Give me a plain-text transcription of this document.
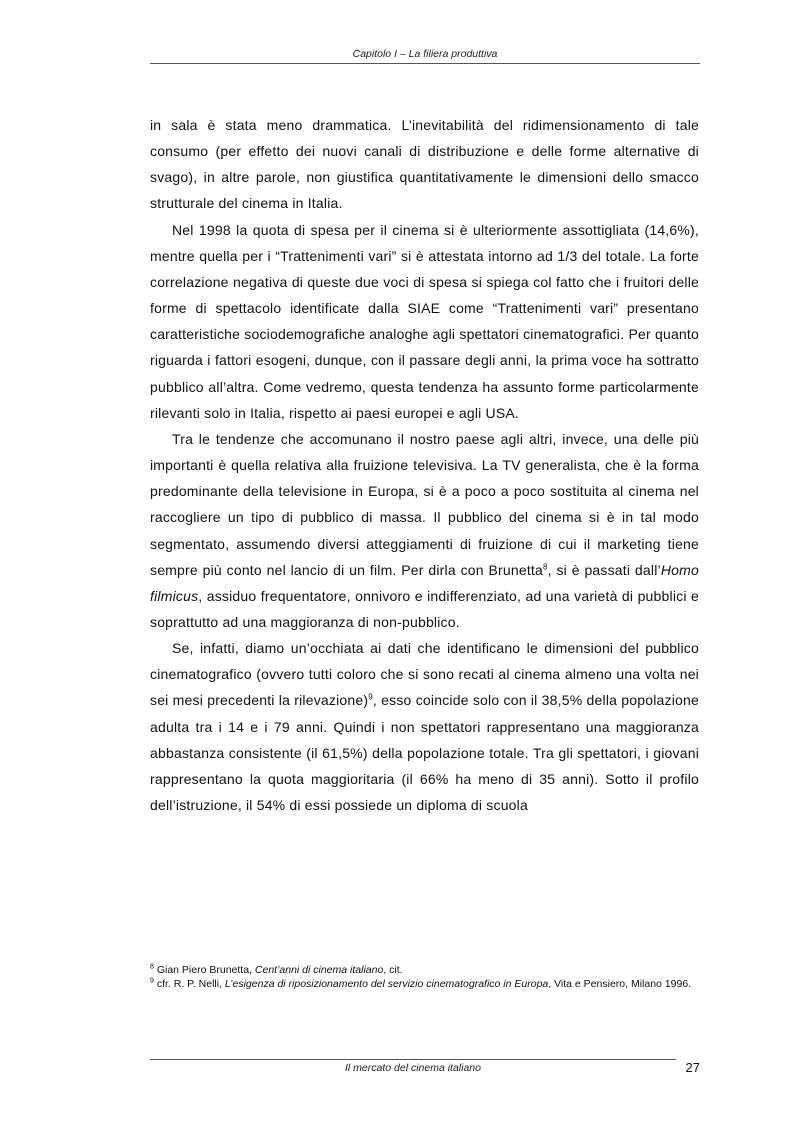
Capitolo I – La filiera produttiva

in sala è stata meno drammatica. L’inevitabilità del ridimensionamento di tale consumo (per effetto dei nuovi canali di distribuzione e delle forme alternative di svago), in altre parole, non giustifica quantitativamente le dimensioni dello smacco strutturale del cinema in Italia.

Nel 1998 la quota di spesa per il cinema si è ulteriormente assottigliata (14,6%), mentre quella per i “Trattenimenti vari” si è attestata intorno ad 1/3 del totale. La forte correlazione negativa di queste due voci di spesa si spiega col fatto che i fruitori delle forme di spettacolo identificate dalla SIAE come “Trattenimenti vari” presentano caratteristiche sociodemografiche analoghe agli spettatori cinematografici. Per quanto riguarda i fattori esogeni, dunque, con il passare degli anni, la prima voce ha sottratto pubblico all’altra. Come vedremo, questa tendenza ha assunto forme particolarmente rilevanti solo in Italia, rispetto ai paesi europei e agli USA.

Tra le tendenze che accomunano il nostro paese agli altri, invece, una delle più importanti è quella relativa alla fruizione televisiva. La TV generalista, che è la forma predominante della televisione in Europa, si è a poco a poco sostituita al cinema nel raccogliere un tipo di pubblico di massa. Il pubblico del cinema si è in tal modo segmentato, assumendo diversi atteggiamenti di fruizione di cui il marketing tiene sempre più conto nel lancio di un film. Per dirla con Brunetta$^8$, si è passati dall’Homo filmicus, assiduo frequentatore, onnivoro e indifferenziato, ad una varietà di pubblici e soprattutto ad una maggioranza di non-pubblico.

Se, infatti, diamo un’occhiata ai dati che identificano le dimensioni del pubblico cinematografico (ovvero tutti coloro che si sono recati al cinema almeno una volta nei sei mesi precedenti la rilevazione)$^9$, esso coincide solo con il 38,5% della popolazione adulta tra i 14 e i 79 anni. Quindi i non spettatori rappresentano una maggioranza abbastanza consistente (il 61,5%) della popolazione totale. Tra gli spettatori, i giovani rappresentano la quota maggioritaria (il 66% ha meno di 35 anni). Sotto il profilo dell’istruzione, il 54% di essi possiede un diploma di scuola

$^8$ Gian Piero Brunetta, Cent’anni di cinema italiano, cit.

$^9$ cfr. R. P. Nelli, L’esigenza di riposizionamento del servizio cinematografico in Europa, Vita e Pensiero, Milano 1996.

Il mercato del cinema italiano	27
